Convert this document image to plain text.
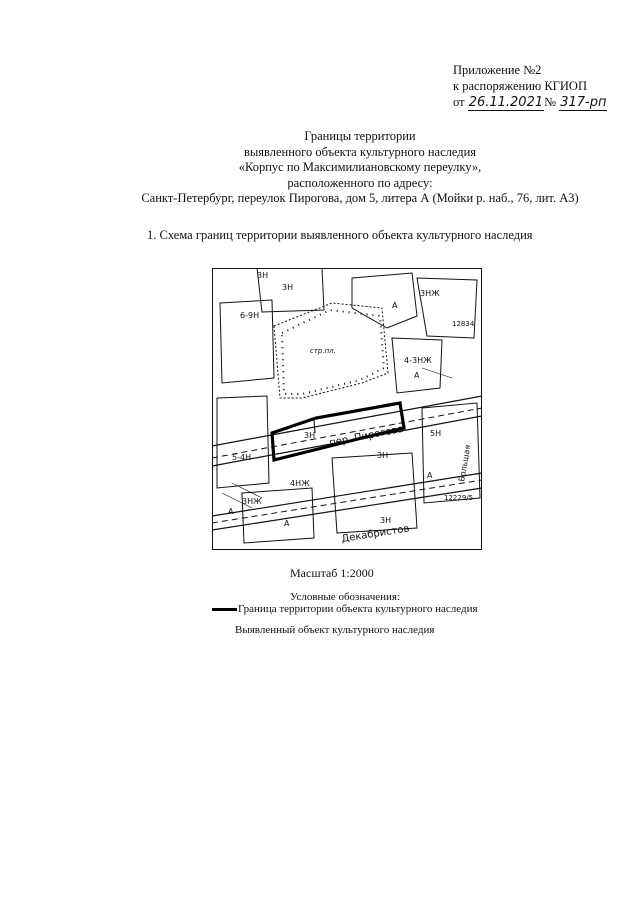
Приложение №2
к распоряжению КГИОП
от 26.11.2021№ 317-рп
Границы территории
выявленного объекта культурного наследия
«Корпус по Максимилиановскому переулку»,
расположенного по адресу:
Санкт-Петербург, переулок Пирогова, дом 5, литера А (Мойки р. наб., 76, лит. А3)
1. Схема границ территории выявленного объекта культурного наследия
пер. Пирогова
Декабристов
Большая
6-9Н
3Н
3Н
5-4Н
4НЖ
3НЖ
3Н
4-3НЖ
3НЖ
А
А
А
А
А
стр.пл.
12834
12229/5
3Н
5Н
3Н
Масштаб 1:2000
Условные обозначения:
Граница территории объекта культурного наследия
Выявленный объект культурного наследия
